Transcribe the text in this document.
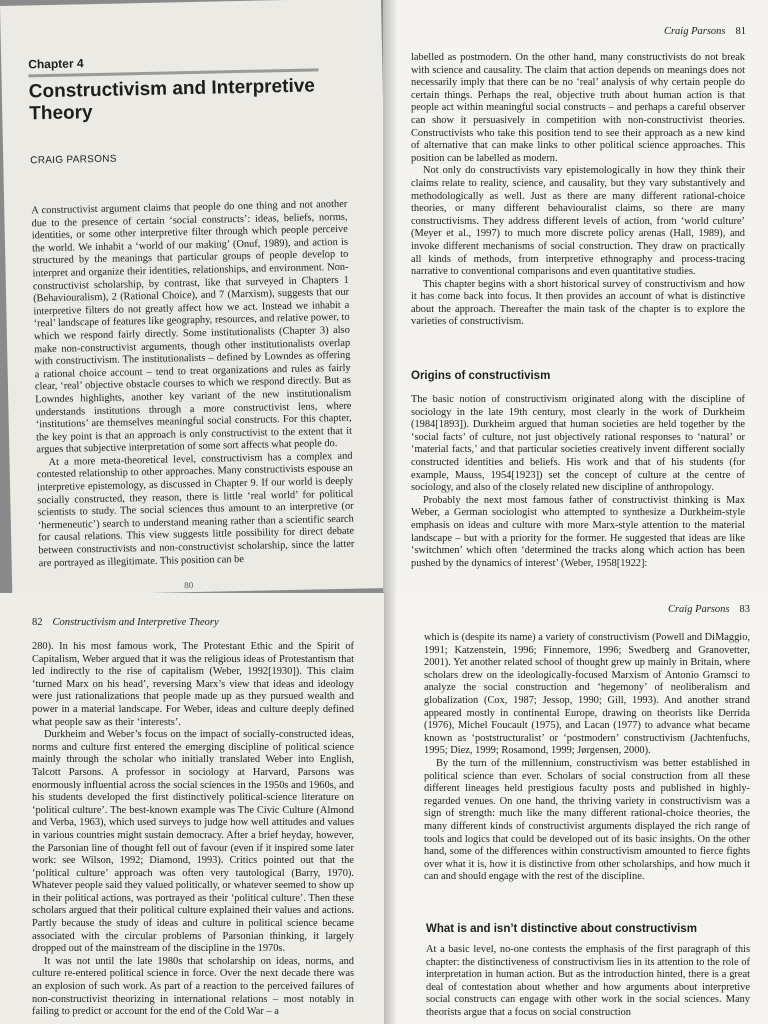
Chapter 4
Constructivism and Interpretive Theory
CRAIG PARSONS

A constructivist argument claims that people do one thing and not another due to the presence of certain ‘social constructs’: ideas, beliefs, norms, identities, or some other interpretive filter through which people perceive the world. We inhabit a ‘world of our making’ (Onuf, 1989), and action is structured by the meanings that particular groups of people develop to interpret and organize their identities, relationships, and environment. Non-constructivist scholarship, by contrast, like that surveyed in Chapters 1 (Behaviouralism), 2 (Rational Choice), and 7 (Marxism), suggests that our interpretive filters do not greatly affect how we act. Instead we inhabit a ‘real’ landscape of features like geography, resources, and relative power, to which we respond fairly directly. Some institutionalists (Chapter 3) also make non-constructivist arguments, though other institutionalists overlap with constructivism. The institutionalists – defined by Lowndes as offering a rational choice account – tend to treat organizations and rules as fairly clear, ‘real’ objective obstacle courses to which we respond directly. But as Lowndes highlights, another key variant of the new institutionalism understands institutions through a more constructivist lens, where ‘institutions’ are themselves meaningful social constructs. For this chapter, the key point is that an approach is only constructivist to the extent that it argues that subjective interpretation of some sort affects what people do.

At a more meta-theoretical level, constructivism has a complex and contested relationship to other approaches. Many constructivists espouse an interpretive epistemology, as discussed in Chapter 9. If our world is deeply socially constructed, they reason, there is little ‘real world’ for political scientists to study. The social sciences thus amount to an interpretive (or ‘hermeneutic’) search to understand meaning rather than a scientific search for causal relations. This view suggests little possibility for direct debate between constructivists and non-constructivist scholarship, since the latter are portrayed as illegitimate. This position can be

80
Craig Parsons 81

labelled as postmodern. On the other hand, many constructivists do not break with science and causality. The claim that action depends on meanings does not necessarily imply that there can be no ‘real’ analysis of why certain people do certain things. Perhaps the real, objective truth about human action is that people act within meaningful social constructs – and perhaps a careful observer can show it persuasively in competition with non-constructivist theories. Constructivists who take this position tend to see their approach as a new kind of alternative that can make links to other political science approaches. This position can be labelled as modern.

Not only do constructivists vary epistemologically in how they think their claims relate to reality, science, and causality, but they vary substantively and methodologically as well. Just as there are many different rational-choice theories, or many different behaviouralist claims, so there are many constructivisms. They address different levels of action, from ‘world culture’ (Meyer et al., 1997) to much more discrete policy arenas (Hall, 1989), and invoke different mechanisms of social construction. They draw on practically all kinds of methods, from interpretive ethnography and process-tracing narrative to conventional comparisons and even quantitative studies.

This chapter begins with a short historical survey of constructivism and how it has come back into focus. It then provides an account of what is distinctive about the approach. Thereafter the main task of the chapter is to explore the varieties of constructivism.

Origins of constructivism

The basic notion of constructivism originated along with the discipline of sociology in the late 19th century, most clearly in the work of Durkheim (1984[1893]). Durkheim argued that human societies are held together by the ‘social facts’ of culture, not just objectively rational responses to ‘natural’ or ‘material facts,’ and that particular societies creatively invent different socially constructed identities and beliefs. His work and that of his students (for example, Mauss, 1954[1923]) set the concept of culture at the centre of sociology, and also of the closely related new discipline of anthropology.

Probably the next most famous father of constructivist thinking is Max Weber, a German sociologist who attempted to synthesize a Durkheim-style emphasis on ideas and culture with more Marx-style attention to the material landscape – but with a priority for the former. He suggested that ideas are like ‘switchmen’ which often ‘determined the tracks along which action has been pushed by the dynamics of interest’ (Weber, 1958[1922]:

82 Constructivism and Interpretive Theory

280). In his most famous work, The Protestant Ethic and the Spirit of Capitalism, Weber argued that it was the religious ideas of Protestantism that led indirectly to the rise of capitalism (Weber, 1992[1930]). This claim ‘turned Marx on his head’, reversing Marx’s view that ideas and ideology were just rationalizations that people made up as they pursued wealth and power in a material landscape. For Weber, ideas and culture deeply defined what people saw as their ‘interests’.

Durkheim and Weber’s focus on the impact of socially-constructed ideas, norms and culture first entered the emerging discipline of political science mainly through the scholar who initially translated Weber into English, Talcott Parsons. A professor in sociology at Harvard, Parsons was enormously influential across the social sciences in the 1950s and 1960s, and his students developed the first distinctively political-science literature on ‘political culture’. The best-known example was The Civic Culture (Almond and Verba, 1963), which used surveys to judge how well attitudes and values in various countries might sustain democracy. After a brief heyday, however, the Parsonian line of thought fell out of favour (even if it inspired some later work: see Wilson, 1992; Diamond, 1993). Critics pointed out that the ‘political culture’ approach was often very tautological (Barry, 1970). Whatever people said they valued politically, or whatever seemed to show up in their political actions, was portrayed as their ‘political culture’. Then these scholars argued that their political culture explained their values and actions. Partly because the study of ideas and culture in political science became associated with the circular problems of Parsonian thinking, it largely dropped out of the mainstream of the discipline in the 1970s.

It was not until the late 1980s that scholarship on ideas, norms, and culture re-entered political science in force. Over the next decade there was an explosion of such work. As part of a reaction to the perceived failures of non-constructivist theorizing in international relations – most notably in failing to predict or account for the end of the Cold War – a

Craig Parsons 83

which is (despite its name) a variety of constructivism (Powell and DiMaggio, 1991; Katzenstein, 1996; Finnemore, 1996; Swedberg and Granovetter, 2001). Yet another related school of thought grew up mainly in Britain, where scholars drew on the ideologically-focused Marxism of Antonio Gramsci to analyze the social construction and ‘hegemony’ of neoliberalism and globalization (Cox, 1987; Jessop, 1990; Gill, 1993). And another strand appeared mostly in continental Europe, drawing on theorists like Derrida (1976), Michel Foucault (1975), and Lacan (1977) to advance what became known as ‘poststructuralist’ or ‘postmodern’ constructivism (Jachtenfuchs, 1995; Diez, 1999; Rosamond, 1999; Jørgensen, 2000).

By the turn of the millennium, constructivism was better established in political science than ever. Scholars of social construction from all these different lineages held prestigious faculty posts and published in highly-regarded venues. On one hand, the thriving variety in constructivism was a sign of strength: much like the many different rational-choice theories, the many different kinds of constructivist arguments displayed the rich range of tools and logics that could be developed out of its basic insights. On the other hand, some of the differences within constructivism amounted to fierce fights over what it is, how it is distinctive from other scholarships, and how much it can and should engage with the rest of the discipline.

What is and isn’t distinctive about constructivism

At a basic level, no-one contests the emphasis of the first paragraph of this chapter: the distinctiveness of constructivism lies in its attention to the role of interpretation in human action. But as the introduction hinted, there is a great deal of contestation about whether and how arguments about interpretive social constructs can engage with other work in the social sciences. Many theorists argue that a focus on social construction
